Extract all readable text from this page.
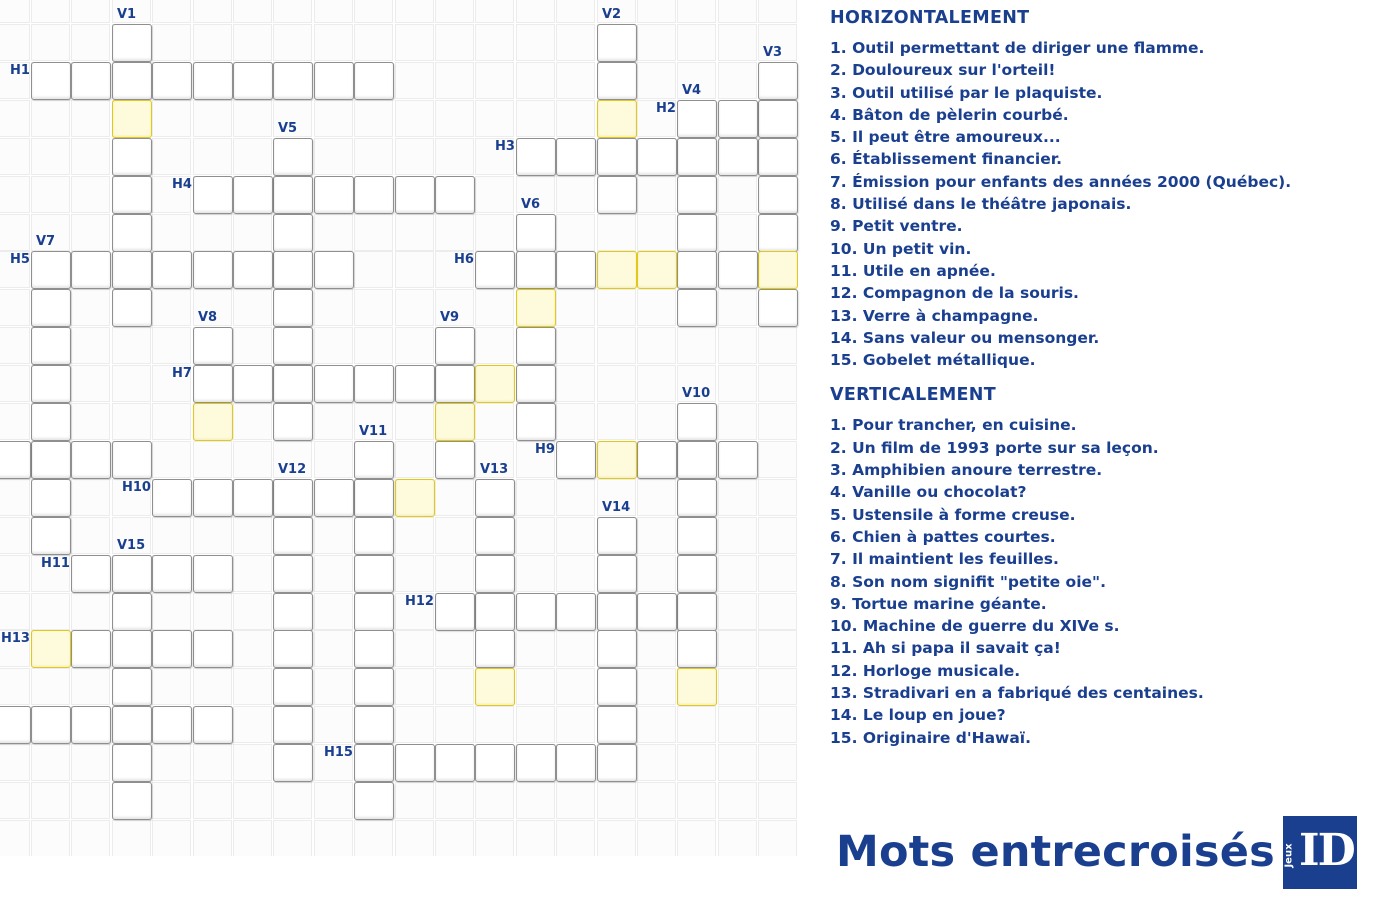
V1	V2
V3
V4
V5
V6
V7
V8	V9
V10
V11
V12	V13
V14
V15
H1
H2
H3
H4
H5	H6
H7
H9
H10
H11
H12
H13
H15
HORIZONTALEMENT
1. Outil permettant de diriger une flamme.
2. Douloureux sur l'orteil!
3. Outil utilisé par le plaquiste.
4. Bâton de pèlerin courbé.
5. Il peut être amoureux...
6. Établissement financier.
7. Émission pour enfants des années 2000 (Québec).
8. Utilisé dans le théâtre japonais.
9. Petit ventre.
10. Un petit vin.
11. Utile en apnée.
12. Compagnon de la souris.
13. Verre à champagne.
14. Sans valeur ou mensonger.
15. Gobelet métallique.
VERTICALEMENT
1. Pour trancher, en cuisine.
2. Un film de 1993 porte sur sa leçon.
3. Amphibien anoure terrestre.
4. Vanille ou chocolat?
5. Ustensile à forme creuse.
6. Chien à pattes courtes.
7. Il maintient les feuilles.
8. Son nom signifit "petite oie".
9. Tortue marine géante.
10. Machine de guerre du XIVe s.
11. Ah si papa il savait ça!
12. Horloge musicale.
13. Stradivari en a fabriqué des centaines.
14. Le loup en joue?
15. Originaire d'Hawaï.
Mots entrecroisés Jeux ID
